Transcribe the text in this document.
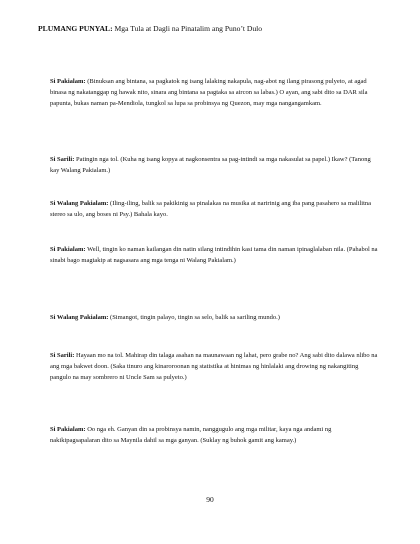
PLUMANG PUNYAL: Mga Tula at Dagli na Pinatalim ang Puno’t Dulo
Si Pakialam: (Binuksan ang bintana, sa pagkatok ng isang lalaking nakapula, nag-abot ng ilang pirasong pulyeto, at agad binasa ng nakatanggap ng hawak nito, sinara ang bintana sa pagtaka sa aircon sa labas.) O ayan, ang sabi dito sa DAR sila papunta, bukas naman pa-Mendiola, tungkol sa lupa sa probinsya ng Quezon, may mga nangangamkam.
Si Sarili: Patingin nga tol. (Kuha ng isang kopya at nagkonsentra sa pag-intindi sa mga nakasulat sa papel.) Ikaw? (Tanong kay Walang Pakialam.)
Si Walang Pakialam: (Iling-iling, balik sa pakikinig sa pinalakas na musika at naririnig ang iba pang pasahero sa malilitna stereo sa ulo, ang boses ni Psy.) Bahala kayo.
Si Pakialam: Well, tingin ko naman kailangan din natin silang intindihin kasi tama din naman ipinaglalaban nila. (Pahabol na sinabi bago magtakip at nagsasara ang mga tenga ni Walang Pakialam.)
Si Walang Pakialam: (Simangot, tingin palayo, tingin sa selo, balik sa sariling mundo.)
Si Sarili: Hayaan mo na tol. Mahirap din talaga asahan na maunawaan ng lahat, pero grabe no? Ang sabi dito dalawa nlibo na ang mga bakwet doon. (Saka tinuro ang kinaroroonan ng statistika at hinimas ng hinlalaki ang drowing ng nakangiting pangulo na may sombrero ni Uncle Sam sa pulyeto.)
Si Pakialam: Oo nga eh. Ganyan din sa probinsya namin, nanggugulo ang mga militar, kaya nga andami ng nakikipagsapalaran dito sa Maynila dahil sa mga ganyan. (Suklay ng buhok gamit ang kamay.)
90
